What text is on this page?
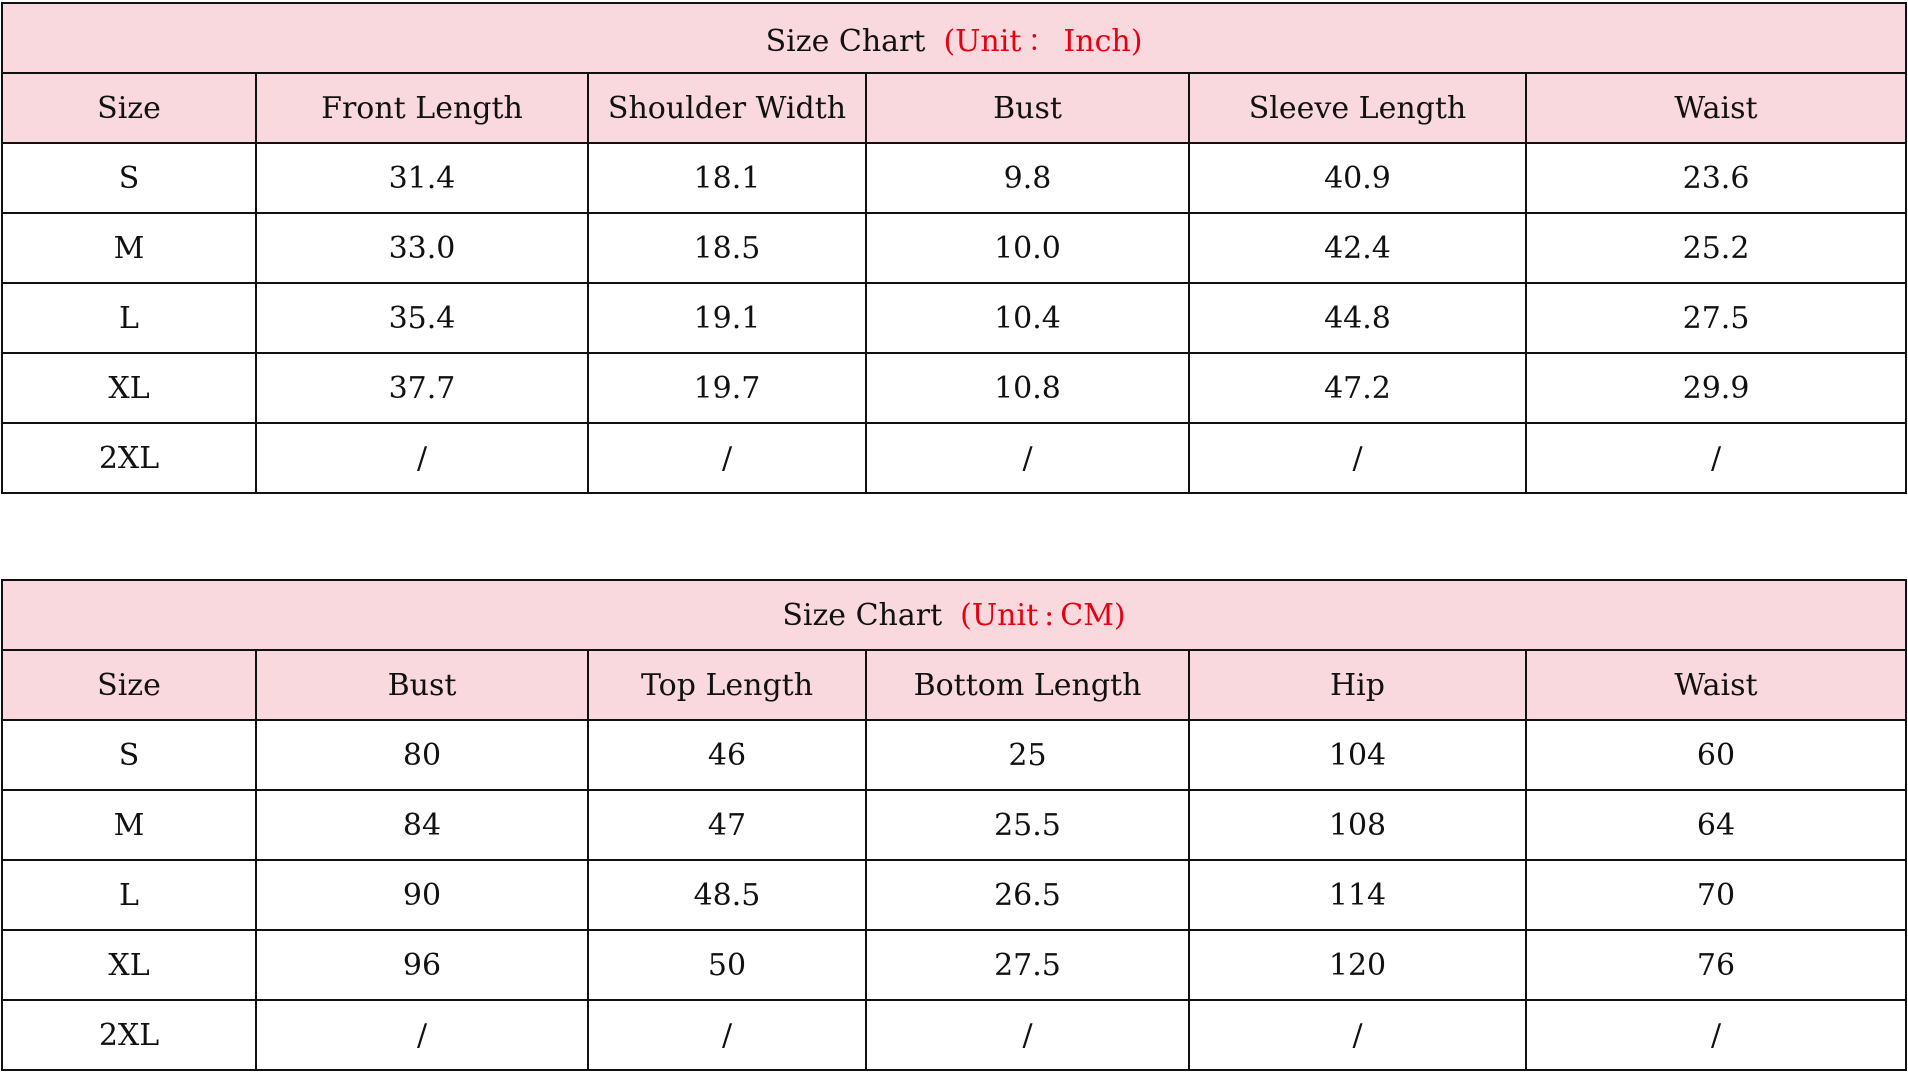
Size Chart (Unit ： Inch)					
Size	Front Length	Shoulder Width	Bust	Sleeve Length	Waist
S	31.4	18.1	9.8	40.9	23.6
M	33.0	18.5	10.0	42.4	25.2
L	35.4	19.1	10.4	44.8	27.5
XL	37.7	19.7	10.8	47.2	29.9
2XL	/	/	/	/	/
Size Chart (Unit : CM)					
Size	Bust	Top Length	Bottom Length	Hip	Waist
S	80	46	25	104	60
M	84	47	25.5	108	64
L	90	48.5	26.5	114	70
XL	96	50	27.5	120	76
2XL	/	/	/	/	/
